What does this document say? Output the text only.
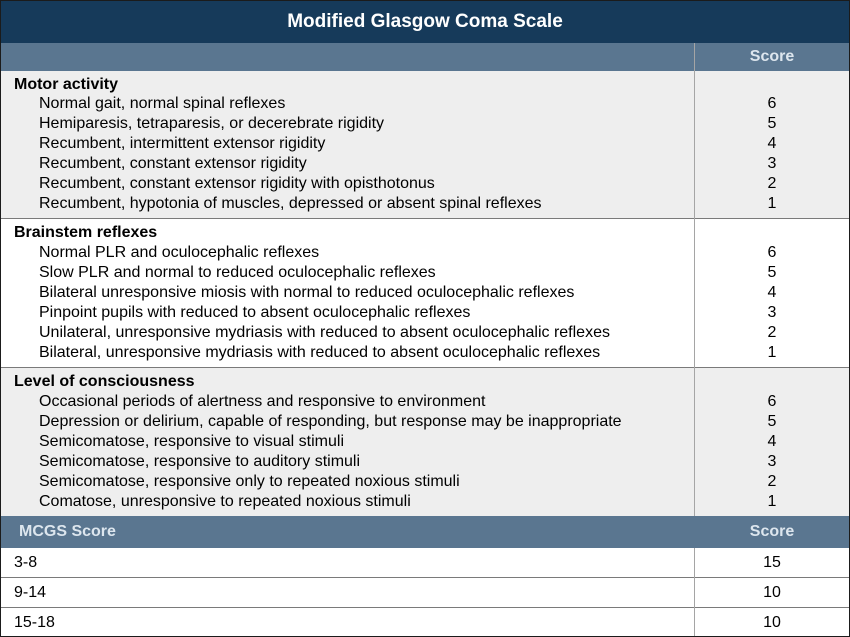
Modified Glasgow Coma Scale
Score
Motor activity
Normal gait, normal spinal reflexes	6
Hemiparesis, tetraparesis, or decerebrate rigidity	5
Recumbent, intermittent extensor rigidity	4
Recumbent, constant extensor rigidity	3
Recumbent, constant extensor rigidity with opisthotonus	2
Recumbent, hypotonia of muscles, depressed or absent spinal reflexes	1
Brainstem reflexes
Normal PLR and oculocephalic reflexes	6
Slow PLR and normal to reduced oculocephalic reflexes	5
Bilateral unresponsive miosis with normal to reduced oculocephalic reflexes	4
Pinpoint pupils with reduced to absent oculocephalic reflexes	3
Unilateral, unresponsive mydriasis with reduced to absent oculocephalic reflexes	2
Bilateral, unresponsive mydriasis with reduced to absent oculocephalic reflexes	1
Level of consciousness
Occasional periods of alertness and responsive to environment	6
Depression or delirium, capable of responding, but response may be inappropriate	5
Semicomatose, responsive to visual stimuli	4
Semicomatose, responsive to auditory stimuli	3
Semicomatose, responsive only to repeated noxious stimuli	2
Comatose, unresponsive to repeated noxious stimuli	1
MCGS Score	Score
3-8	15
9-14	10
15-18	10
